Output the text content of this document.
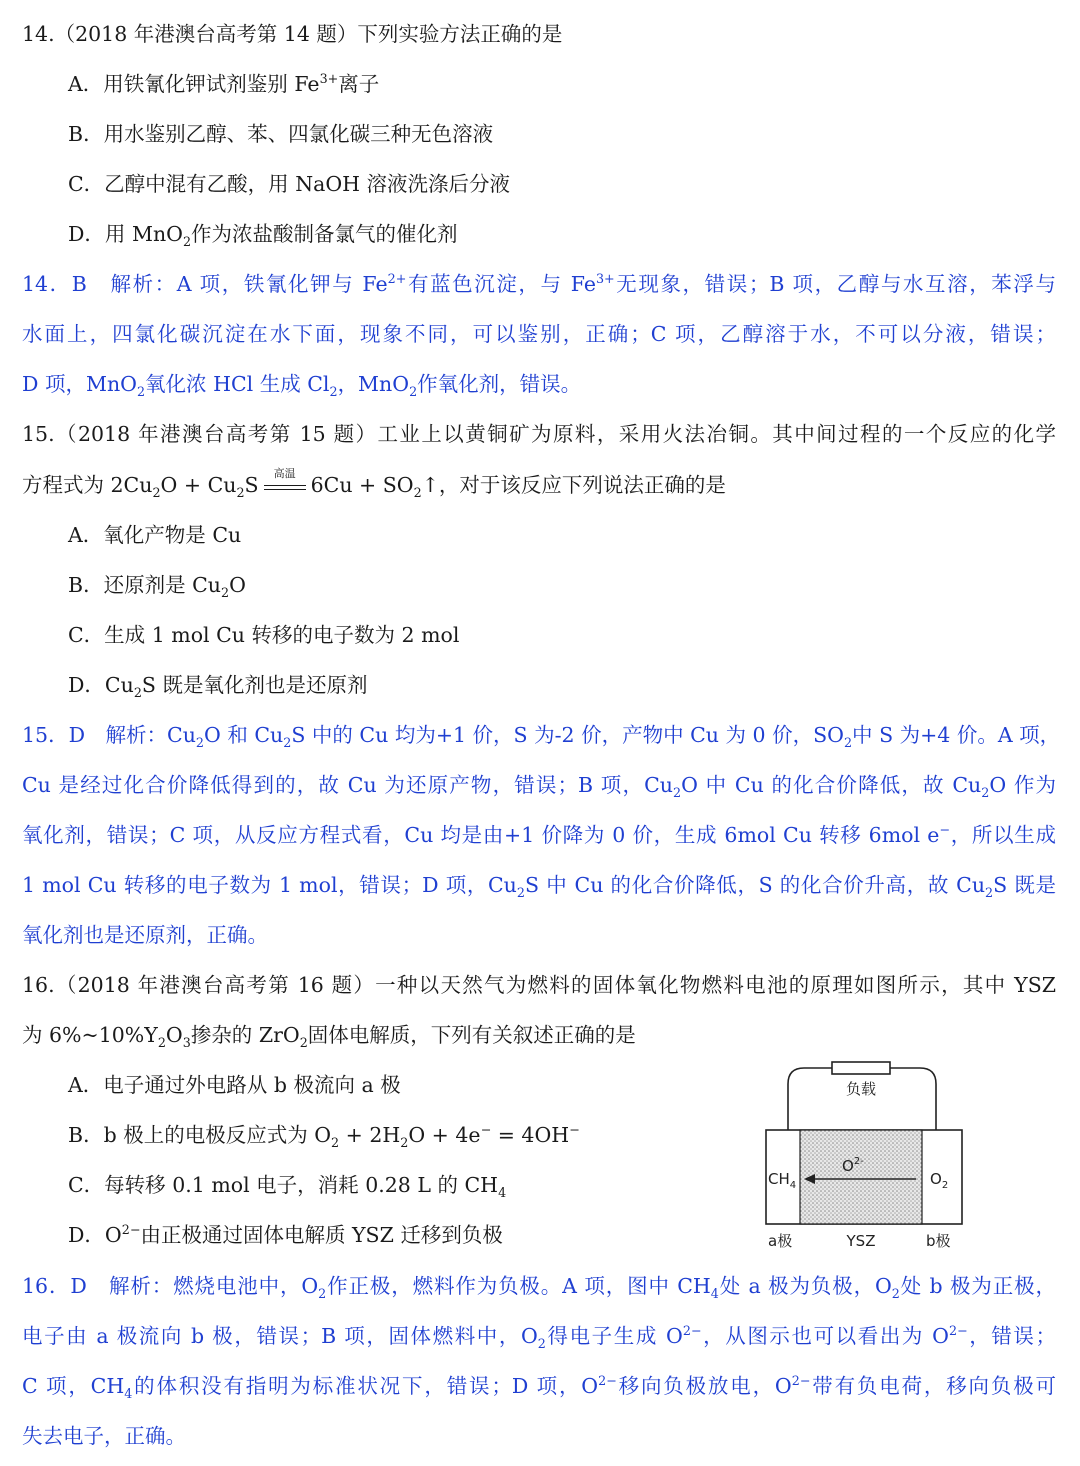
14.（2018 年港澳台高考第 14 题）下列实验方法正确的是
A．用铁氰化钾试剂鉴别 $Fe^{3+}$离子
B．用水鉴别乙醇、苯、四氯化碳三种无色溶液
C．乙醇中混有乙酸，用 NaOH 溶液洗涤后分液
D．用 MnO$_2$作为浓盐酸制备氯气的催化剂
14．B　解析：A 项，铁氰化钾与 $Fe^{2+}$有蓝色沉淀，与 $Fe^{3+}$无现象，错误；B 项，乙醇与水互溶，苯浮与
水面上，四氯化碳沉淀在水下面，现象不同，可以鉴别，正确；C 项，乙醇溶于水，不可以分液，错误；
D 项，MnO$_2$氧化浓 HCl 生成 $Cl_2$，MnO$_2$作氧化剂，错误。
15.（2018 年港澳台高考第 15 题）工业上以黄铜矿为原料，采用火法冶铜。其中间过程的一个反应的化学
方程式为 $2Cu_2O + Cu_2S$	高温 $6Cu + SO_2↑$，对于该反应下列说法正确的是
A．氧化产物是 Cu
B．还原剂是 $Cu_2O$
C．生成 1 mol Cu 转移的电子数为 2 mol
D．$Cu_2S$ 既是氧化剂也是还原剂
15．D　解析：$Cu_2O$ 和 $Cu_2S$ 中的 Cu 均为+1 价，S 为-2 价，产物中 Cu 为 0 价，$SO_2$中 S 为+4 价。A 项，
Cu 是经过化合价降低得到的，故 Cu 为还原产物，错误；B 项，$Cu_2O$ 中 Cu 的化合价降低，故 $Cu_2O$ 作为
氧化剂，错误；C 项，从反应方程式看，Cu 均是由+1 价降为 0 价，生成 6mol Cu 转移 6mol e−，所以生成
1 mol Cu 转移的电子数为 1 mol，错误；D 项，$Cu_2S$ 中 Cu 的化合价降低，S 的化合价升高，故 $Cu_2S$ 既是
氧化剂也是还原剂，正确。
16.（2018 年港澳台高考第 16 题）一种以天然气为燃料的固体氧化物燃料电池的原理如图所示，其中 YSZ
为 $6\%\sim 10\%Y_2O_3$掺杂的 ZrO$_2$固体电解质，下列有关叙述正确的是
A．电子通过外电路从 b 极流向 a 极
B．b 极上的电极反应式为 $O_2 + 2H_2O + 4e^- = 4OH^-$
C．每转移 0.1 mol 电子，消耗 0.28 L 的 $CH_4$
D．$O^{2-}$由正极通过固体电解质 YSZ 迁移到负极
负载
$CH_4$	$O_2$
$O^{2-}$
a极	YSZ	b极
16．D　解析：燃烧电池中，$O_2$作正极，燃料作为负极。A 项，图中 $CH_4$处 a 极为负极，$O_2$处 b 极为正极，
电子由 a 极流向 b 极，错误；B 项，固体燃料中，$O_2$得电子生成 $O^{2-}$，从图示也可以看出为 $O^{2-}$，错误；
C 项，$CH_4$的体积没有指明为标准状况下，错误；D 项，$O^{2-}$移向负极放电，$O^{2-}$带有负电荷，移向负极可
失去电子，正确。
